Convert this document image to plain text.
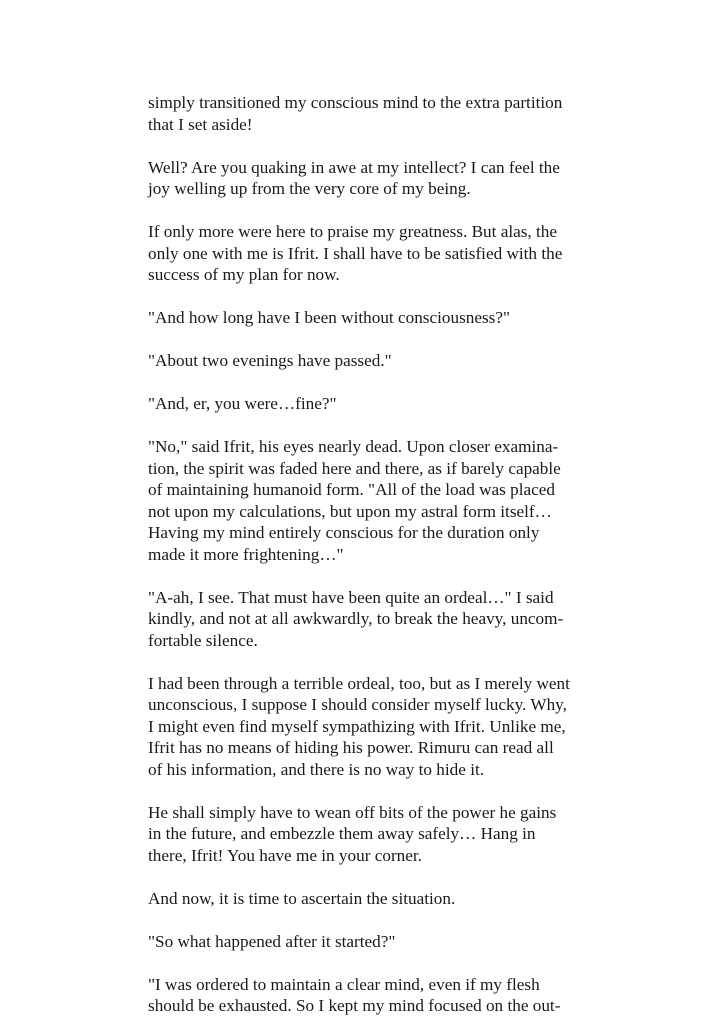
simply transitioned my conscious mind to the extra partition
that I set aside!
Well? Are you quaking in awe at my intellect? I can feel the
joy welling up from the very core of my being.
If only more were here to praise my greatness. But alas, the
only one with me is Ifrit. I shall have to be satisfied with the
success of my plan for now.
"And how long have I been without consciousness?"
"About two evenings have passed."
"And, er, you were…fine?"
"No," said Ifrit, his eyes nearly dead. Upon closer examina-
tion, the spirit was faded here and there, as if barely capable
of maintaining humanoid form. "All of the load was placed
not upon my calculations, but upon my astral form itself…
Having my mind entirely conscious for the duration only
made it more frightening…"
"A-ah, I see. That must have been quite an ordeal…" I said
kindly, and not at all awkwardly, to break the heavy, uncom-
fortable silence.
I had been through a terrible ordeal, too, but as I merely went
unconscious, I suppose I should consider myself lucky. Why,
I might even find myself sympathizing with Ifrit. Unlike me,
Ifrit has no means of hiding his power. Rimuru can read all
of his information, and there is no way to hide it.
He shall simply have to wean off bits of the power he gains
in the future, and embezzle them away safely… Hang in
there, Ifrit! You have me in your corner.
And now, it is time to ascertain the situation.
"So what happened after it started?"
"I was ordered to maintain a clear mind, even if my flesh
should be exhausted. So I kept my mind focused on the out-
